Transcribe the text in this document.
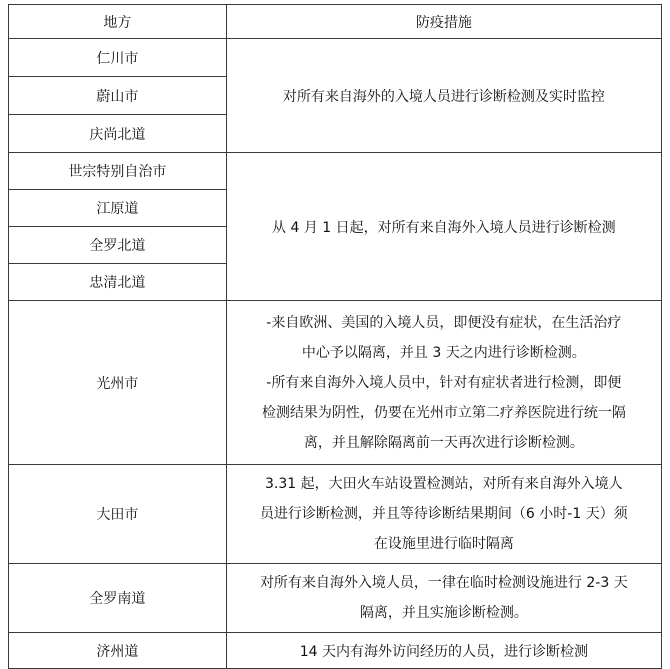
地方	防疫措施
仁川市	对所有来自海外的入境人员进行诊断检测及实时监控

蔚山市	
庆尚北道	
世宗特别自治市	从 4 月 1 日起，对所有来自海外入境人员进行诊断检测

江原道	
全罗北道	
忠清北道	
光州市	-来自欧洲、美国的入境人员，即便没有症状，在生活治疗
中心予以隔离，并且 3 天之内进行诊断检测。
-所有来自海外入境人员中，针对有症状者进行检测，即便
检测结果为阴性，仍要在光州市立第二疗养医院进行统一隔
离，并且解除隔离前一天再次进行诊断检测。

大田市	3.31 起，大田火车站设置检测站，对所有来自海外入境人
员进行诊断检测，并且等待诊断结果期间（6 小时-1 天）须
在设施里进行临时隔离

全罗南道	对所有来自海外入境人员，一律在临时检测设施进行 2-3 天
隔离，并且实施诊断检测。

济州道	14 天内有海外访问经历的人员，进行诊断检测
